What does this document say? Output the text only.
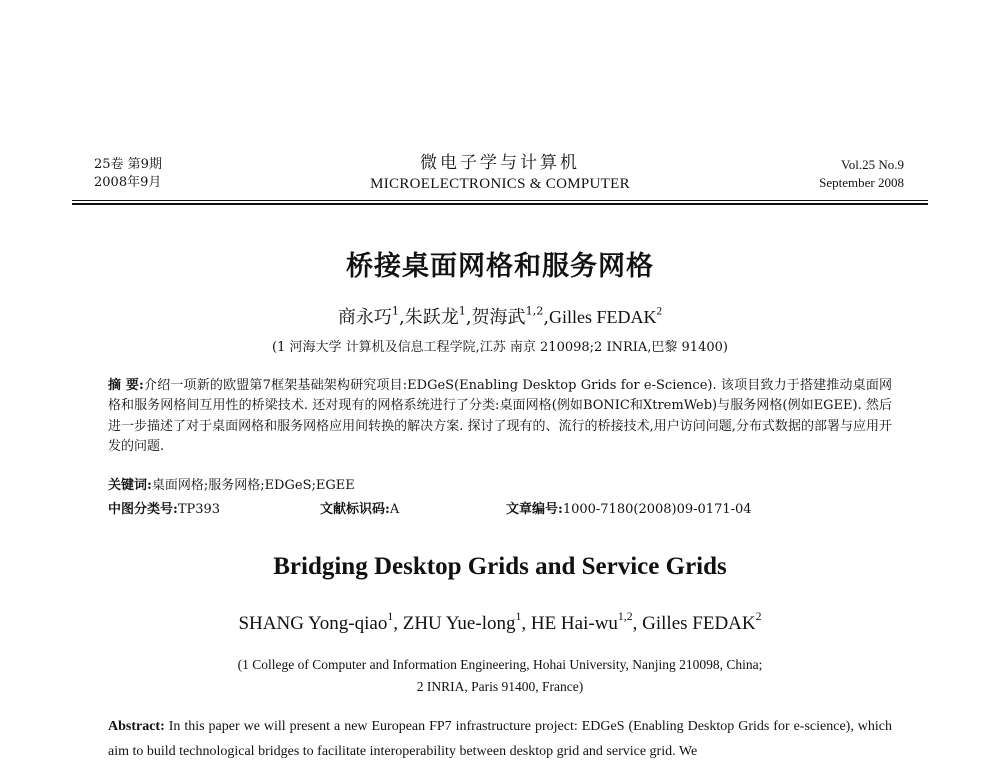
25卷 第9期
2008年9月
微电子学与计算机
MICROELECTRONICS & COMPUTER
Vol.25 No.9
September 2008
桥接桌面网格和服务网格
商永巧$^1$,朱跃龙$^1$,贺海武$^{1,2}$,Gilles FEDAK$^2$
(1 河海大学 计算机及信息工程学院,江苏 南京 210098;2 INRIA,巴黎 91400)
摘 要:介绍一项新的欧盟第7框架基础架构研究项目:EDGeS(Enabling Desktop Grids for e-Science). 该项目致力于搭建推动桌面网格和服务网格间互用性的桥梁技术. 还对现有的网格系统进行了分类:桌面网格(例如BONIC和XtremWeb)与服务网格(例如EGEE). 然后进一步描述了对于桌面网格和服务网格应用间转换的解决方案. 探讨了现有的、流行的桥接技术,用户访问问题,分布式数据的部署与应用开发的问题.
关键词:桌面网格;服务网格;EDGeS;EGEE
中图分类号:TP393	文献标识码:A	文章编号:1000-7180(2008)09-0171-04
Bridging Desktop Grids and Service Grids
SHANG Yong-qiao$^1$, ZHU Yue-long$^1$, HE Hai-wu$^{1,2}$, Gilles FEDAK$^2$
(1 College of Computer and Information Engineering, Hohai University, Nanjing 210098, China;
2 INRIA, Paris 91400, France)
Abstract: In this paper we will present a new European FP7 infrastructure project: EDGeS (Enabling Desktop Grids for e-science), which aim to build technological bridges to facilitate interoperability between desktop grid and service grid. We
